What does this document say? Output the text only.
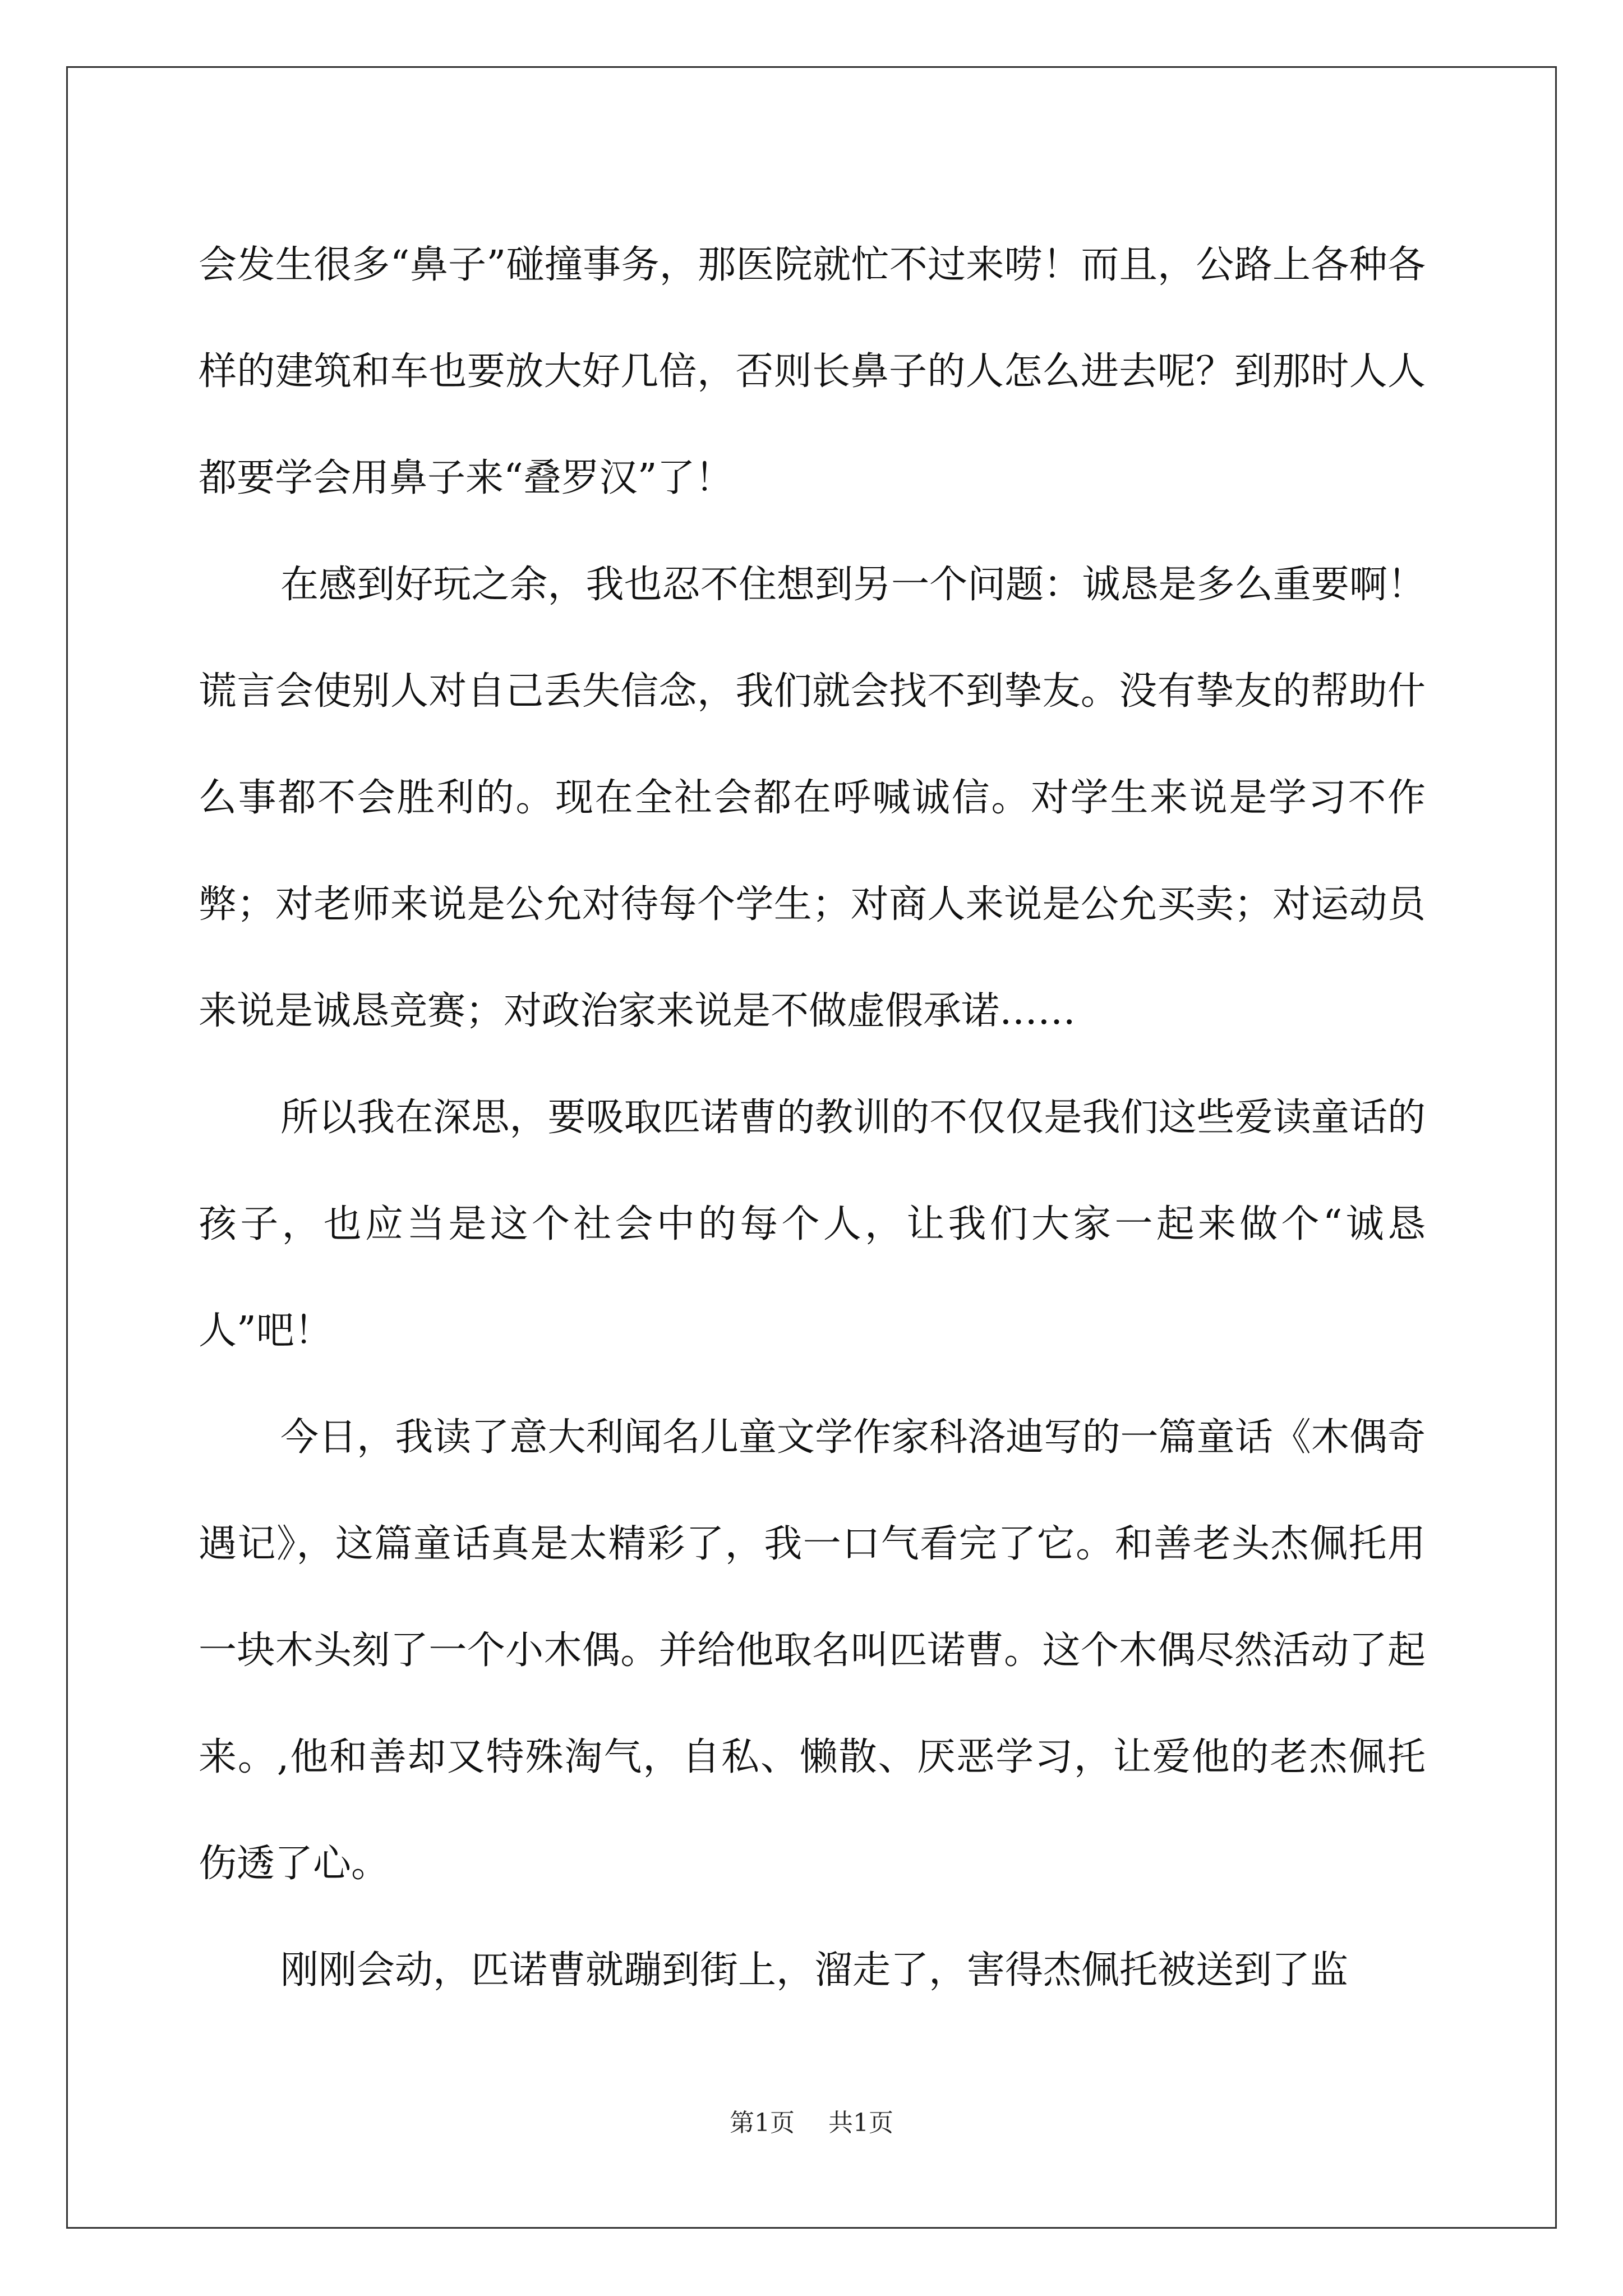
会发生很多“鼻子”碰撞事务，那医院就忙不过来唠！而且，公路上各种各样的建筑和车也要放大好几倍，否则长鼻子的人怎么进去呢？到那时人人都要学会用鼻子来“叠罗汉”了！

在感到好玩之余，我也忍不住想到另一个问题：诚恳是多么重要啊！谎言会使别人对自己丢失信念，我们就会找不到挚友。没有挚友的帮助什么事都不会胜利的。现在全社会都在呼喊诚信。对学生来说是学习不作弊；对老师来说是公允对待每个学生；对商人来说是公允买卖；对运动员来说是诚恳竞赛；对政治家来说是不做虚假承诺……

所以我在深思，要吸取匹诺曹的教训的不仅仅是我们这些爱读童话的孩子，也应当是这个社会中的每个人，让我们大家一起来做个“诚恳人”吧！

今日，我读了意大利闻名儿童文学作家科洛迪写的一篇童话《木偶奇遇记》，这篇童话真是太精彩了，我一口气看完了它。和善老头杰佩托用一块木头刻了一个小木偶。并给他取名叫匹诺曹。这个木偶尽然活动了起来。,他和善却又特殊淘气，自私、懒散、厌恶学习，让爱他的老杰佩托伤透了心。

刚刚会动，匹诺曹就蹦到街上，溜走了，害得杰佩托被送到了监

第1页 共1页
